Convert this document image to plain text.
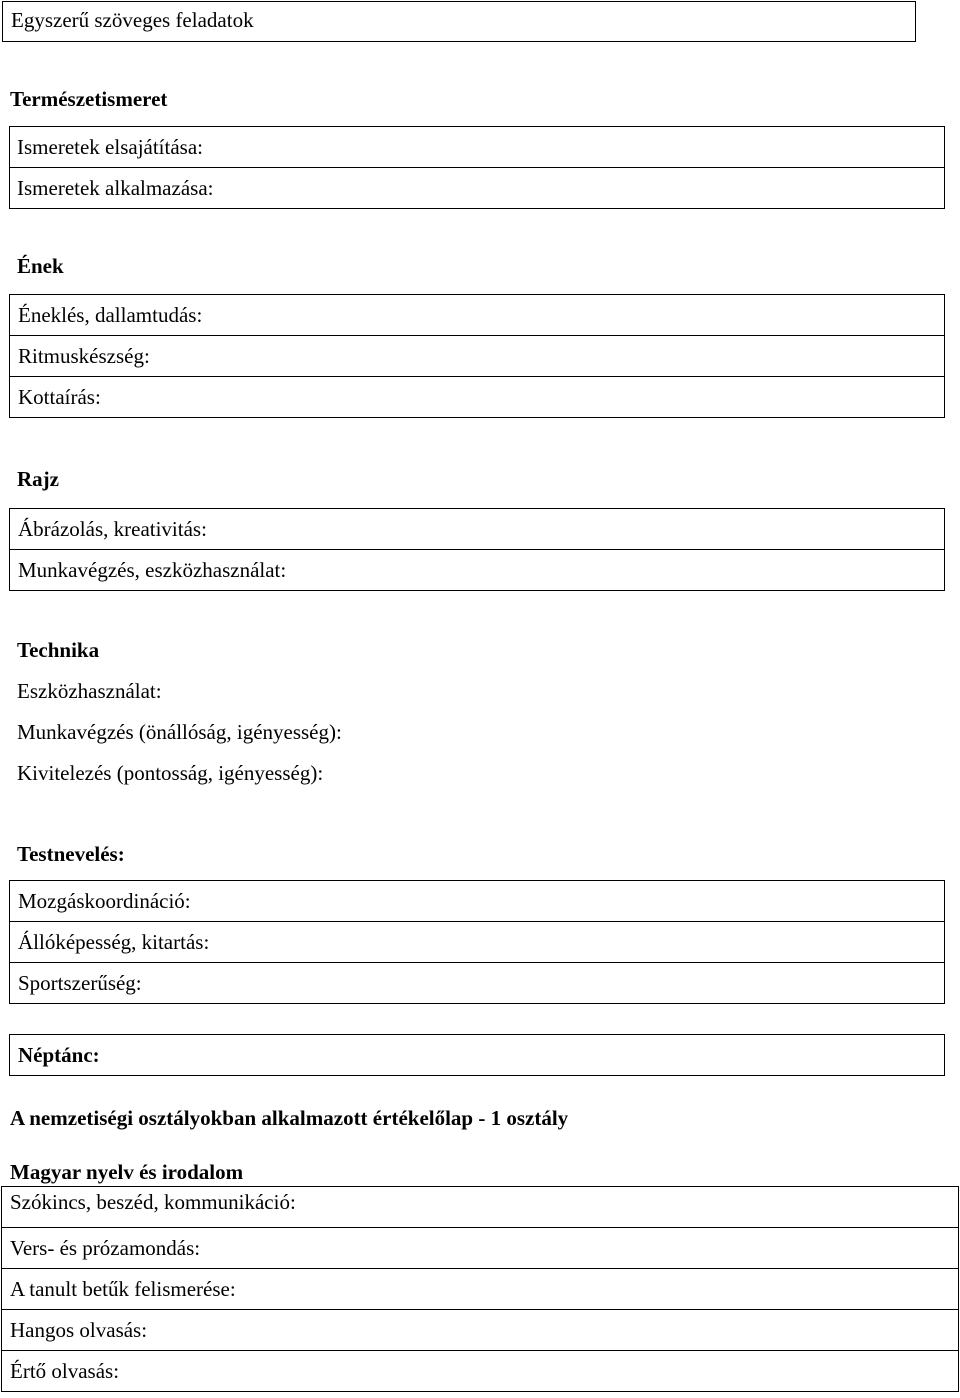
Egyszerű szöveges feladatok
Természetismeret
Ismeretek elsajátítása:
Ismeretek alkalmazása:
Ének
Éneklés, dallamtudás:
Ritmuskészség:
Kottaírás:
Rajz
Ábrázolás, kreativitás:
Munkavégzés, eszközhasználat:
Technika
Eszközhasználat:
Munkavégzés (önállóság, igényesség):
Kivitelezés (pontosság, igényesség):
Testnevelés:
Mozgáskoordináció:
Állóképesség, kitartás:
Sportszerűség:
Néptánc:
A nemzetiségi osztályokban alkalmazott értékelőlap - 1 osztály
Magyar nyelv és irodalom
Szókincs, beszéd, kommunikáció:
Vers- és prózamondás:
A tanult betűk felismerése:
Hangos olvasás:
Értő olvasás:
